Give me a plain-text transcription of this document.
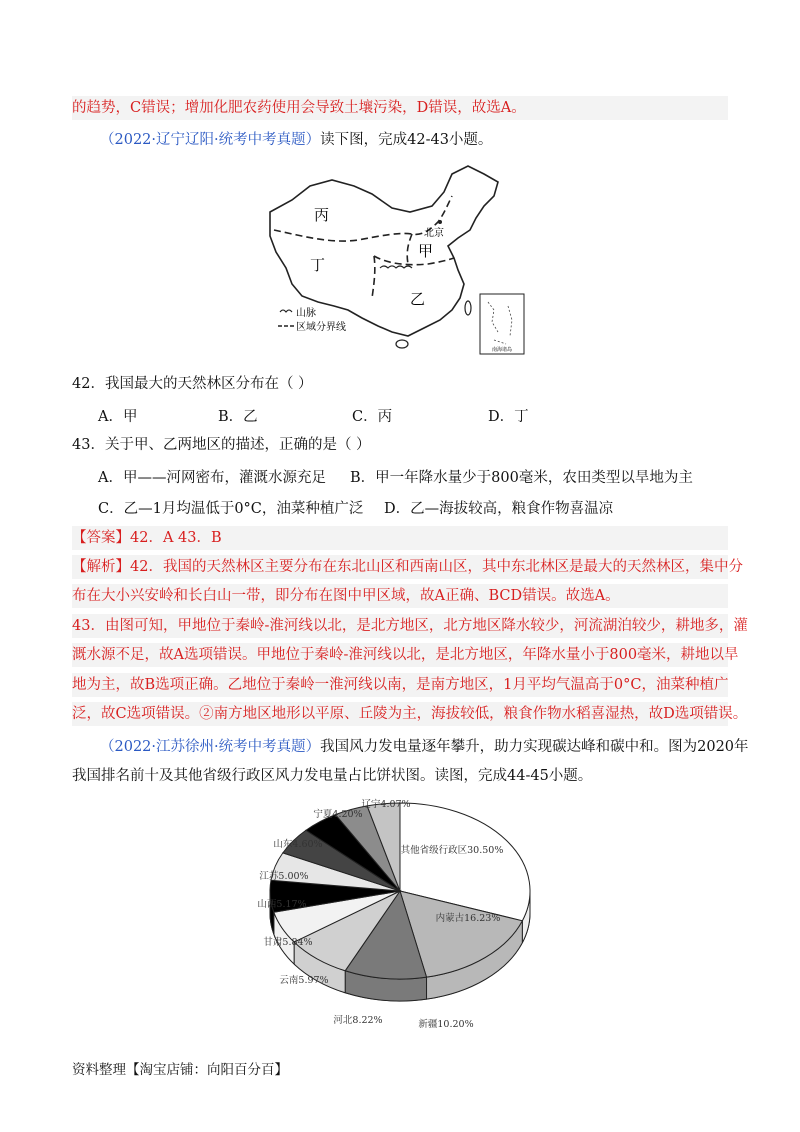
的趋势，C错误；增加化肥农药使用会导致土壤污染，D错误，故选A。
（2022·辽宁辽阳·统考中考真题）读下图，完成42-43小题。
丙
甲
丁
乙
北京
山脉
区域分界线
南海诸岛
42．我国最大的天然林区分布在（ ）
A．甲	B．乙	C．丙	D．丁
43．关于甲、乙两地区的描述，正确的是（ ）
A．甲——河网密布，灌溉水源充足 B．甲一年降水量少于800毫米，农田类型以旱地为主
C．乙—1月均温低于0°C，油菜种植广泛 D．乙—海拔较高，粮食作物喜温凉
【答案】42．A 43．B
【解析】42．我国的天然林区主要分布在东北山区和西南山区，其中东北林区是最大的天然林区，集中分
布在大小兴安岭和长白山一带，即分布在图中甲区域，故A正确、BCD错误。故选A。
43．由图可知，甲地位于秦岭-淮河线以北，是北方地区，北方地区降水较少，河流湖泊较少，耕地多，灌
溉水源不足，故A选项错误。甲地位于秦岭-淮河线以北，是北方地区，年降水量小于800毫米，耕地以旱
地为主，故B选项正确。乙地位于秦岭一淮河线以南，是南方地区，1月平均气温高于0°C，油菜种植广
泛，故C选项错误。②南方地区地形以平原、丘陵为主，海拔较低，粮食作物水稻喜湿热，故D选项错误。
（2022·江苏徐州·统考中考真题）我国风力发电量逐年攀升，助力实现碳达峰和碳中和。图为2020年
我国排名前十及其他省级行政区风力发电量占比饼状图。读图，完成44-45小题。
其他省级行政区30.50%
内蒙古16.23%
新疆10.20%
河北8.22%
云南5.97%
甘肃5.84%
山西5.17%
江苏5.00%
山东4.60%
宁夏4.20%
辽宁4.07%
资料整理【淘宝店铺：向阳百分百】
